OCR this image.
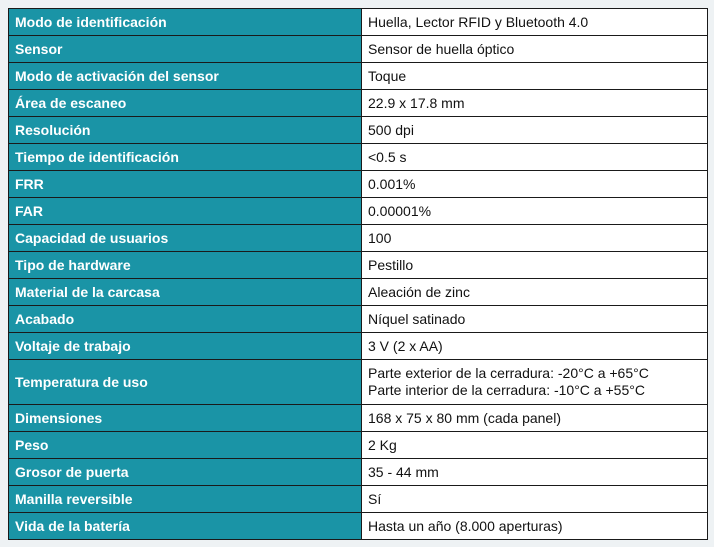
Modo de identificación	Huella, Lector RFID y Bluetooth 4.0
Sensor	Sensor de huella óptico
Modo de activación del sensor	Toque
Área de escaneo	22.9 x 17.8 mm
Resolución	500 dpi
Tiempo de identificación	<0.5 s
FRR	0.001%
FAR	0.00001%
Capacidad de usuarios	100
Tipo de hardware	Pestillo
Material de la carcasa	Aleación de zinc
Acabado	Níquel satinado
Voltaje de trabajo	3 V (2 x AA)
Temperatura de uso	Parte exterior de la cerradura: -20°C a +65°C
Parte interior de la cerradura: -10°C a +55°C

Dimensiones	168 x 75 x 80 mm (cada panel)
Peso	2 Kg
Grosor de puerta	35 - 44 mm
Manilla reversible	Sí
Vida de la batería	Hasta un año (8.000 aperturas)
